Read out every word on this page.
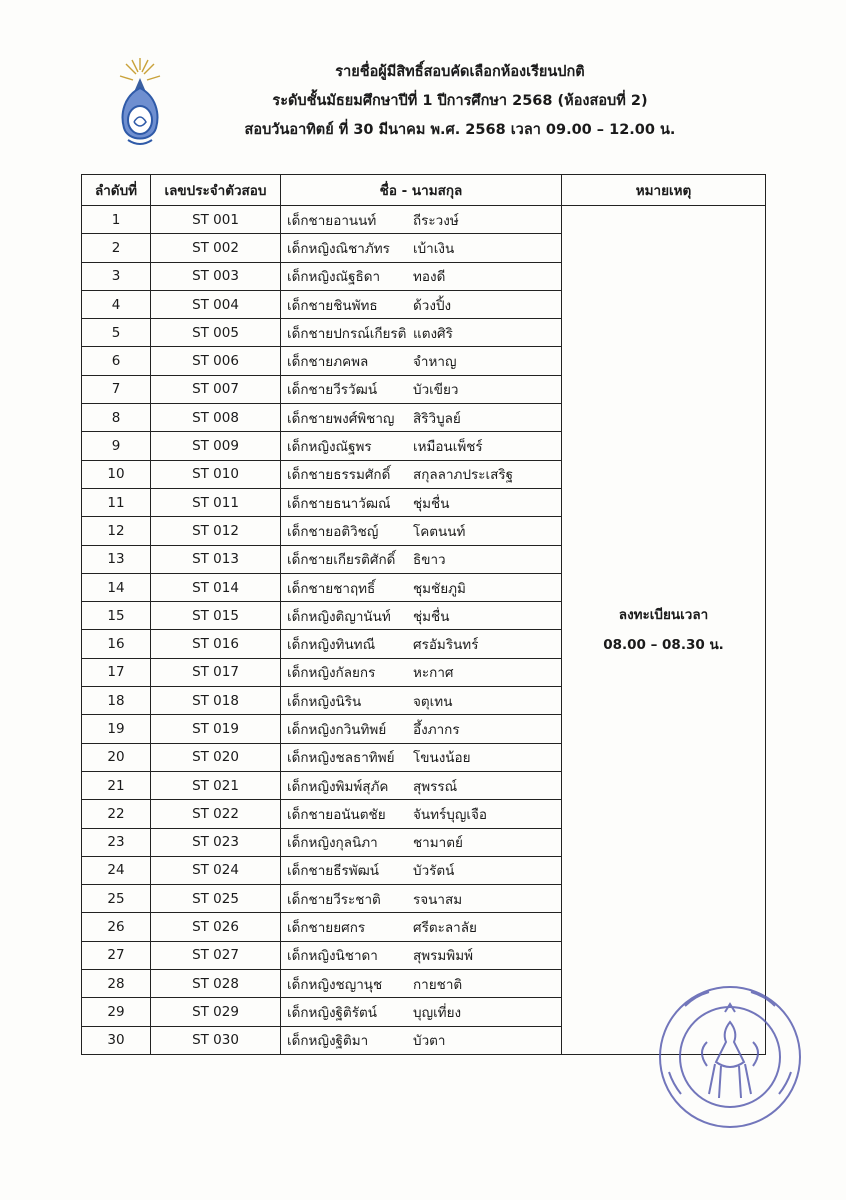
รายชื่อผู้มีสิทธิ์สอบคัดเลือกห้องเรียนปกติ
ระดับชั้นมัธยมศึกษาปีที่ 1 ปีการศึกษา 2568 (ห้องสอบที่ 2)
สอบวันอาทิตย์ ที่ 30 มีนาคม พ.ศ. 2568 เวลา 09.00 – 12.00 น.
ลำดับที่	เลขประจำตัวสอบ	ชื่อ - นามสกุล	หมายเหตุ
1	ST 001	เด็กชายอานนท์ ถีระวงษ์	ลงทะเบียนเวลา
08.00 – 08.30 น.

2	ST 002	เด็กหญิงณิชาภัทร เบ้าเงิน	
3	ST 003	เด็กหญิงณัฐธิดา ทองดี	
4	ST 004	เด็กชายชินพัทธ ด้วงปิ้ง	
5	ST 005	เด็กชายปกรณ์เกียรติ แตงศิริ	
6	ST 006	เด็กชายภคพล จำหาญ	
7	ST 007	เด็กชายวีรวัฒน์ บัวเขียว	
8	ST 008	เด็กชายพงศ์พิชาญ สิริวิบูลย์	
9	ST 009	เด็กหญิงณัฐพร เหมือนเพ็ชร์	
10	ST 010	เด็กชายธรรมศักดิ์ สกุลลาภประเสริฐ	
11	ST 011	เด็กชายธนาวัฒณ์ ชุ่มชื่น	
12	ST 012	เด็กชายอติวิชญ์ โคตนนท์	
13	ST 013	เด็กชายเกียรติศักดิ์ ธิขาว	
14	ST 014	เด็กชายชาฤทธิ์ ชุมชัยภูมิ	
15	ST 015	เด็กหญิงติญานันท์ ชุ่มชื่น	
16	ST 016	เด็กหญิงทินทณี ศรอัมรินทร์	
17	ST 017	เด็กหญิงกัลยกร หะกาศ	
18	ST 018	เด็กหญิงนิริน จตุเทน	
19	ST 019	เด็กหญิงกวินทิพย์ อึ้งภากร	
20	ST 020	เด็กหญิงชลธาทิพย์ โขนงน้อย	
21	ST 021	เด็กหญิงพิมพ์สุภัค สุพรรณ์	
22	ST 022	เด็กชายอนันตชัย จันทร์บุญเจือ	
23	ST 023	เด็กหญิงกุลนิภา ชามาตย์	
24	ST 024	เด็กชายธีรพัฒน์ บัวรัตน์	
25	ST 025	เด็กชายวีระชาติ รจนาสม	
26	ST 026	เด็กชายยศกร ศรีตะลาลัย	
27	ST 027	เด็กหญิงนิชาดา สุพรมพิมพ์	
28	ST 028	เด็กหญิงชญานุช กายชาติ	
29	ST 029	เด็กหญิงฐิติรัตน์ บุญเที่ยง	
30	ST 030	เด็กหญิงฐิติมา บัวตา	
